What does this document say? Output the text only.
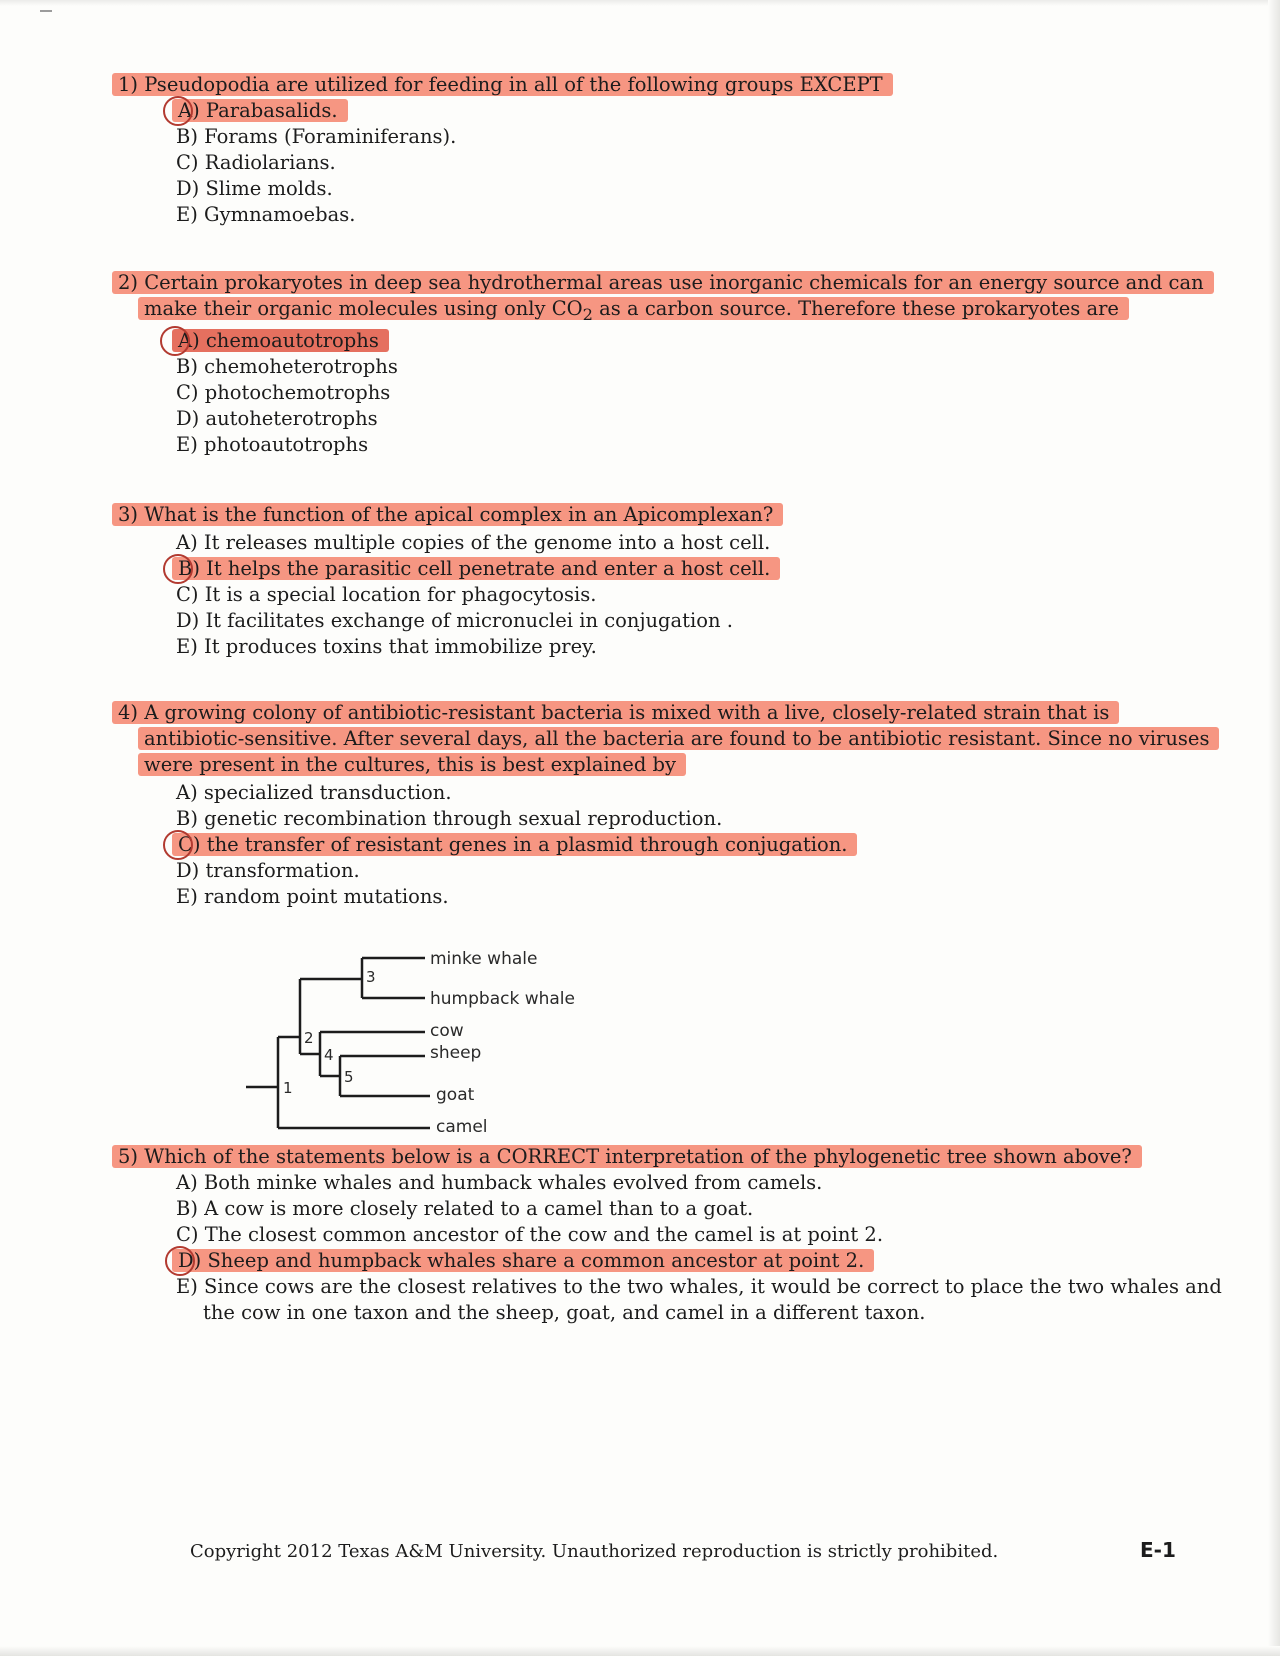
1) Pseudopodia are utilized for feeding in all of the following groups EXCEPT
A) Parabasalids.
B) Forams (Foraminiferans).
C) Radiolarians.
D) Slime molds.
E) Gymnamoebas.
2) Certain prokaryotes in deep sea hydrothermal areas use inorganic chemicals for an energy source and can
make their organic molecules using only $CO_2$ as a carbon source. Therefore these prokaryotes are
A) chemoautotrophs
B) chemoheterotrophs
C) photochemotrophs
D) autoheterotrophs
E) photoautotrophs
3) What is the function of the apical complex in an Apicomplexan?
A) It releases multiple copies of the genome into a host cell.
B) It helps the parasitic cell penetrate and enter a host cell.
C) It is a special location for phagocytosis.
D) It facilitates exchange of micronuclei in conjugation .
E) It produces toxins that immobilize prey.
4) A growing colony of antibiotic-resistant bacteria is mixed with a live, closely-related strain that is
antibiotic-sensitive. After several days, all the bacteria are found to be antibiotic resistant. Since no viruses
were present in the cultures, this is best explained by
A) specialized transduction.
B) genetic recombination through sexual reproduction.
C) the transfer of resistant genes in a plasmid through conjugation.
D) transformation.
E) random point mutations.
minke whale
humpback whale
cow
sheep
goat
camel
1
2
3
4
5
5) Which of the statements below is a CORRECT interpretation of the phylogenetic tree shown above?
A) Both minke whales and humback whales evolved from camels.
B) A cow is more closely related to a camel than to a goat.
C) The closest common ancestor of the cow and the camel is at point 2.
D) Sheep and humpback whales share a common ancestor at point 2.
E) Since cows are the closest relatives to the two whales, it would be correct to place the two whales and
the cow in one taxon and the sheep, goat, and camel in a different taxon.
Copyright 2012 Texas A&M University. Unauthorized reproduction is strictly prohibited.	E-1
